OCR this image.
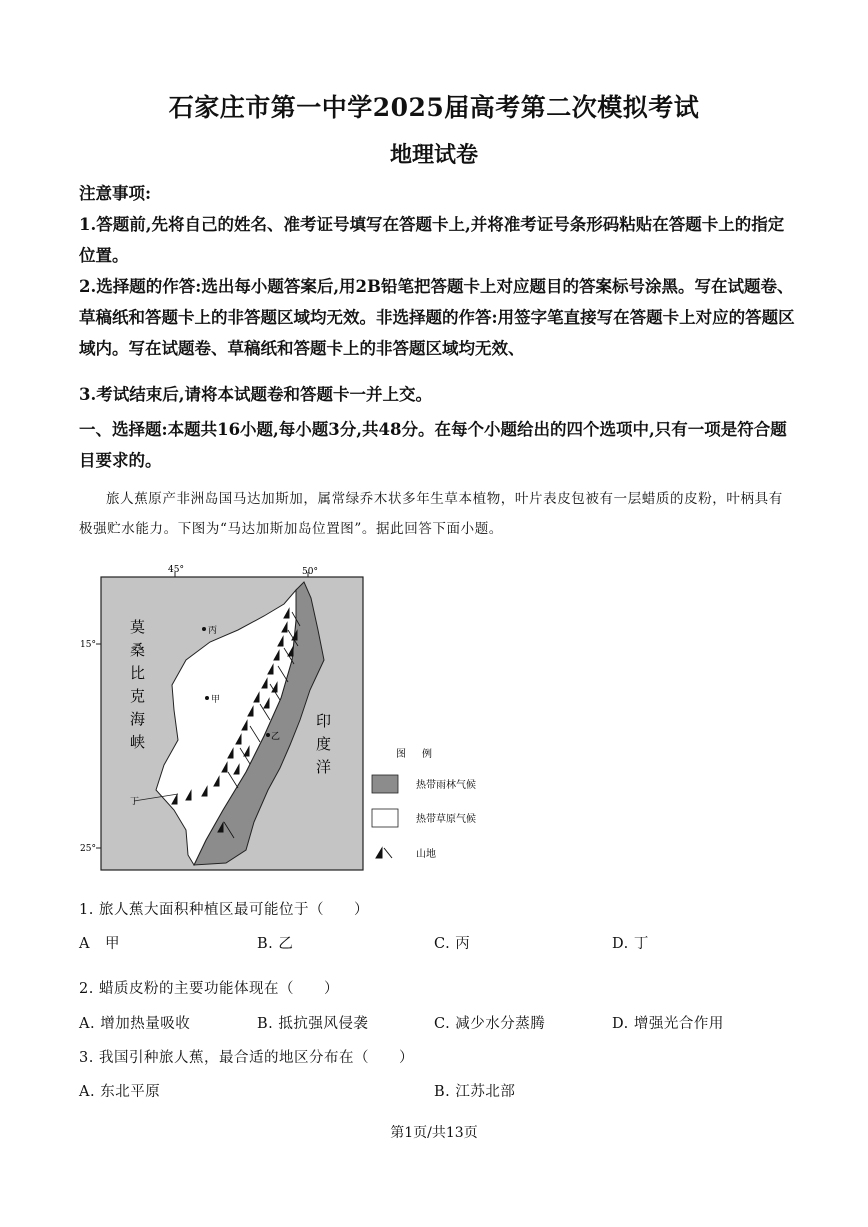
石家庄市第一中学2025届高考第二次模拟考试
地理试卷
注意事项:
1.答题前,先将自己的姓名、准考证号填写在答题卡上,并将准考证号条形码粘贴在答题卡上的指定位置。
2.选择题的作答:选出每小题答案后,用2B铅笔把答题卡上对应题目的答案标号涂黑。写在试题卷、草稿纸和答题卡上的非答题区域均无效。非选择题的作答:用签字笔直接写在答题卡上对应的答题区域内。写在试题卷、草稿纸和答题卡上的非答题区域均无效、
3.考试结束后,请将本试题卷和答题卡一并上交。
一、选择题:本题共16小题,每小题3分,共48分。在每个小题给出的四个选项中,只有一项是符合题目要求的。
旅人蕉原产非洲岛国马达加斯加，属常绿乔木状多年生草本植物，叶片表皮包被有一层蜡质的皮粉，叶柄具有极强贮水能力。下图为“马达加斯加岛位置图”。据此回答下面小题。
45°	50°
15°
25°
莫
桑
比
克
海
峡
印
度
洋
丙
甲
乙
丁
图 例
热带雨林气候
热带草原气候
山地
1. 旅人蕉大面积种植区最可能位于（　　）
A　甲	B. 乙	C. 丙	D. 丁
2. 蜡质皮粉的主要功能体现在（　　）
A. 增加热量吸收	B. 抵抗强风侵袭	C. 减少水分蒸腾	D. 增强光合作用
3. 我国引种旅人蕉，最合适的地区分布在（　　）
A. 东北平原	B. 江苏北部
第1页/共13页
